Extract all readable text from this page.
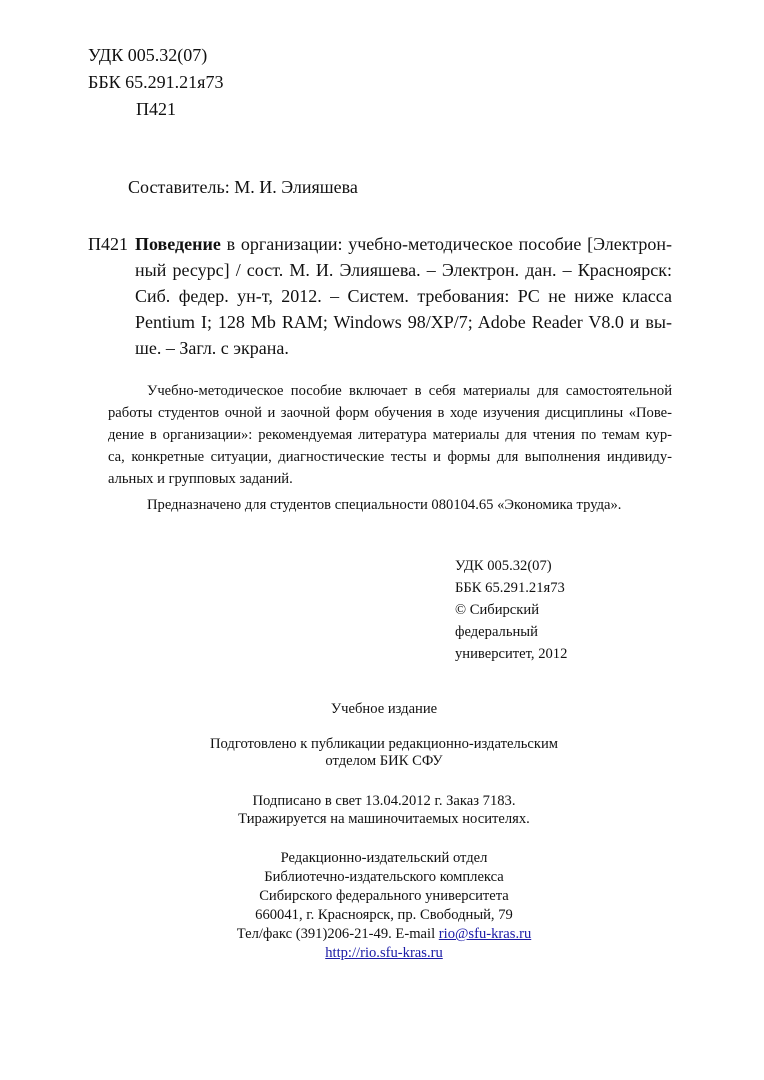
УДК 005.32(07)
ББК 65.291.21я73
П421
Составитель: М. И. Элияшева
П421 Поведение в организации: учебно-методическое пособие [Электрон-
ный ресурс] / сост. М. И. Элияшева. – Электрон. дан. – Красноярск:
Сиб. федер. ун-т, 2012. – Систем. требования: PC не ниже класса
Pentium I; 128 Mb RAM; Windows 98/XP/7; Adobe Reader V8.0 и вы-
ше. – Загл. с экрана.
Учебно-методическое пособие включает в себя материалы для самостоятельной
работы студентов очной и заочной форм обучения в ходе изучения дисциплины «Пове-
дение в организации»: рекомендуемая литература материалы для чтения по темам кур-
са, конкретные ситуации, диагностические тесты и формы для выполнения индивиду-
альных и групповых заданий.
Предназначено для студентов специальности 080104.65 «Экономика труда».
УДК 005.32(07)
ББК 65.291.21я73
© Сибирский
федеральный
университет, 2012
Учебное издание
Подготовлено к публикации редакционно-издательским
отделом БИК СФУ
Подписано в свет 13.04.2012 г. Заказ 7183.
Тиражируется на машиночитаемых носителях.
Редакционно-издательский отдел
Библиотечно-издательского комплекса
Сибирского федерального университета
660041, г. Красноярск, пр. Свободный, 79
Тел/факс (391)206-21-49. E-mail rio@sfu-kras.ru
http://rio.sfu-kras.ru
